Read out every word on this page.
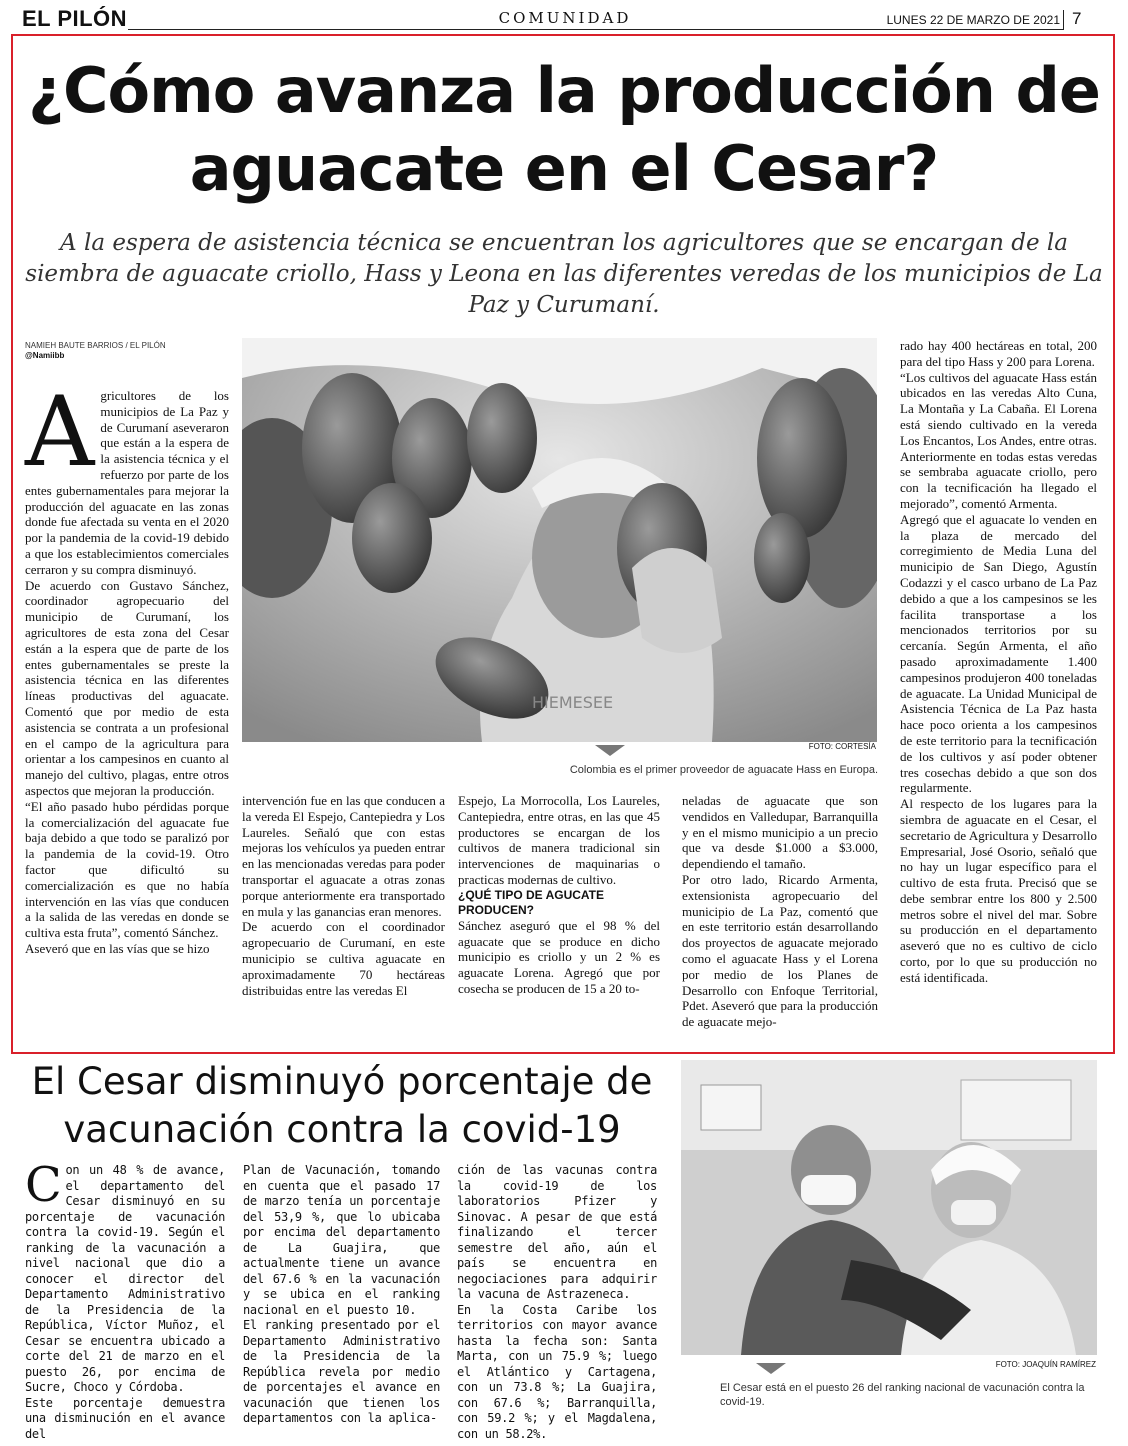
EL PILÓN	COMUNIDAD	LUNES 22 DE MARZO DE 2021 7
¿Cómo avanza la producción de aguacate en el Cesar?
A la espera de asistencia técnica se encuentran los agricultores que se encargan de la siembra de aguacate criollo, Hass y Leona en las diferentes veredas de los municipios de La Paz y Curumaní.
NAMIEH BAUTE BARRIOS / EL PILÓN
@Namiibb
A gricultores de los municipios de La Paz y de Curumaní aseveraron que están a la espera de la asistencia técnica y el refuerzo por parte de los entes gubernamentales para mejorar la producción del aguacate en las zonas donde fue afectada su venta en el 2020 por la pandemia de la covid-19 debido a que los establecimientos comerciales cerraron y su compra disminuyó.

De acuerdo con Gustavo Sánchez, coordinador agropecuario del municipio de Curumaní, los agricultores de esta zona del Cesar están a la espera que de parte de los entes gubernamentales se preste la asistencia técnica en las diferentes líneas productivas del aguacate. Comentó que por medio de esta asistencia se contrata a un profesional en el campo de la agricultura para orientar a los campesinos en cuanto al manejo del cultivo, plagas, entre otros aspectos que mejoran la producción.

“El año pasado hubo pérdidas porque la comercialización del aguacate fue baja debido a que todo se paralizó por la pandemia de la covid-19. Otro factor que dificultó su comercialización es que no había intervención en las vías que conducen a la salida de las veredas en donde se cultiva esta fruta”, comentó Sánchez.

Aseveró que en las vías que se hizo

HIEMESEE
FOTO: CORTESÍA
Colombia es el primer proveedor de aguacate Hass en Europa.

intervención fue en las que conducen a la vereda El Espejo, Cantepiedra y Los Laureles. Señaló que con estas mejoras los vehículos ya pueden entrar en las mencionadas veredas para poder transportar el aguacate a otras zonas porque anteriormente era transportado en mula y las ganancias eran menores.

De acuerdo con el coordinador agropecuario de Curumaní, en este municipio se cultiva aguacate en aproximadamente 70 hectáreas distribuidas entre las veredas El

Espejo, La Morrocolla, Los Laureles, Cantepiedra, entre otras, en las que 45 productores se encargan de los cultivos de manera tradicional sin intervenciones de maquinarias o practicas modernas de cultivo.

¿QUÉ TIPO DE AGUCATE PRODUCEN?

Sánchez aseguró que el 98 % del aguacate que se produce en dicho municipio es criollo y un 2 % es aguacate Lorena. Agregó que por cosecha se producen de 15 a 20 to-

neladas de aguacate que son vendidos en Valledupar, Barranquilla y en el mismo municipio a un precio que va desde $1.000 a $3.000, dependiendo el tamaño.

Por otro lado, Ricardo Armenta, extensionista agropecuario del municipio de La Paz, comentó que en este territorio están desarrollando dos proyectos de aguacate mejorado como el aguacate Hass y el Lorena por medio de los Planes de Desarrollo con Enfoque Territorial, Pdet. Aseveró que para la producción de aguacate mejo-

rado hay 400 hectáreas en total, 200 para del tipo Hass y 200 para Lorena.

“Los cultivos del aguacate Hass están ubicados en las veredas Alto Cuna, La Montaña y La Cabaña. El Lorena está siendo cultivado en la vereda Los Encantos, Los Andes, entre otras. Anteriormente en todas estas veredas se sembraba aguacate criollo, pero con la tecnificación ha llegado el mejorado”, comentó Armenta.

Agregó que el aguacate lo venden en la plaza de mercado del corregimiento de Media Luna del municipio de San Diego, Agustín Codazzi y el casco urbano de La Paz debido a que a los campesinos se les facilita transportase a los mencionados territorios por su cercanía. Según Armenta, el año pasado aproximadamente 1.400 campesinos produjeron 400 toneladas de aguacate. La Unidad Municipal de Asistencia Técnica de La Paz hasta hace poco orienta a los campesinos de este territorio para la tecnificación de los cultivos y así poder obtener tres cosechas debido a que son dos regularmente.

Al respecto de los lugares para la siembra de aguacate en el Cesar, el secretario de Agricultura y Desarrollo Empresarial, José Osorio, señaló que no hay un lugar específico para el cultivo de esta fruta. Precisó que se debe sembrar entre los 800 y 2.500 metros sobre el nivel del mar. Sobre su producción en el departamento aseveró que no es cultivo de ciclo corto, por lo que su producción no está identificada.

El Cesar disminuyó porcentaje de vacunación contra la covid-19
C on un 48 % de avance, el departamento del Cesar disminuyó en su porcentaje de vacunación contra la covid-19. Según el ranking de la vacunación a nivel nacional que dio a conocer el director del Departamento Administrativo de la Presidencia de la República, Víctor Muñoz, el Cesar se encuentra ubicado a corte del 21 de marzo en el puesto 26, por encima de Sucre, Choco y Córdoba.

Este porcentaje demuestra una disminución en el avance del

Plan de Vacunación, tomando en cuenta que el pasado 17 de marzo tenía un porcentaje del 53,9 %, que lo ubicaba por encima del departamento de La Guajira, que actualmente tiene un avance del 67.6 % en la vacunación y se ubica en el ranking nacional en el puesto 10.

El ranking presentado por el Departamento Administrativo de la Presidencia de la República revela por medio de porcentajes el avance en vacunación que tienen los departamentos con la aplica-

ción de las vacunas contra la covid-19 de los laboratorios Pfizer y Sinovac. A pesar de que está finalizando el tercer semestre del año, aún el país se encuentra en negociaciones para adquirir la vacuna de Astrazeneca.

En la Costa Caribe los territorios con mayor avance hasta la fecha son: Santa Marta, con un 75.9 %; luego el Atlántico y Cartagena, con un 73.8 %; La Guajira, con 67.6 %; Barranquilla, con 59.2 %; y el Magdalena, con un 58.2%.

FOTO: JOAQUÍN RAMÍREZ
El Cesar está en el puesto 26 del ranking nacional de vacunación contra la covid-19.
